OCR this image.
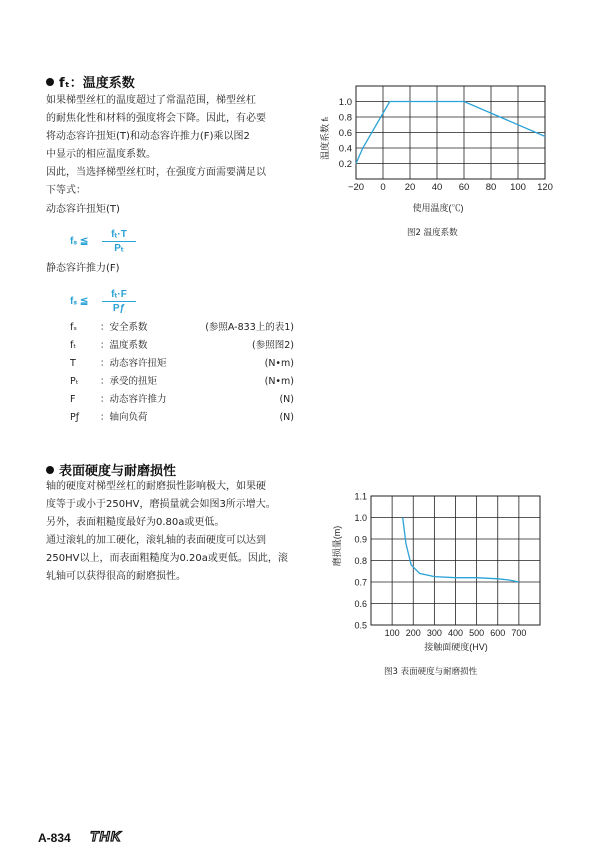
fₜ：温度系数
如果梯型丝杠的温度超过了常温范围，梯型丝杠
的耐焦化性和材料的强度将会下降。因此，有必要
将动态容许扭矩(T)和动态容许推力(F)乘以图2
中显示的相应温度系数。
因此，当选择梯型丝杠时，在强度方面需要满足以
下等式：
动态容许扭矩(T)
fₛ ≦ $\frac{\text{fₜ·T}}{\text{Pₜ}}$
静态容许推力(F)
fₛ ≦ $\frac{\text{fₜ·F}}{Pƒ}$
fₛ ：安全系数	(参照A-833上的表1)
fₜ	：温度系数	(参照图2)
T	：动态容许扭矩	(N•m)
Pₜ ：承受的扭矩	(N•m)
F	：动态容许推力	(N)
Pƒ ：轴向负荷	(N)
表面硬度与耐磨损性
轴的硬度对梯型丝杠的耐磨损性影响极大，如果硬
度等于或小于250HV，磨损量就会如图3所示增大。
另外，表面粗糙度最好为0.80a或更低。
通过滚轧的加工硬化，滚轧轴的表面硬度可以达到
250HV以上，而表面粗糙度为0.20a或更低。因此，滚
轧轴可以获得很高的耐磨损性。
−20 0 20 40 60 80 100 120
0.2
0.4
0.6
0.8
1.0
使用温度(℃)
温度系数 fₜ
图2 温度系数
100 200 300 400 500 600 700
0.5
0.6
0.7
0.8
0.9
1.0
1.1
接触面硬度(HV)
磨损量(m)
图3 表面硬度与耐磨损性
A-834 THK
